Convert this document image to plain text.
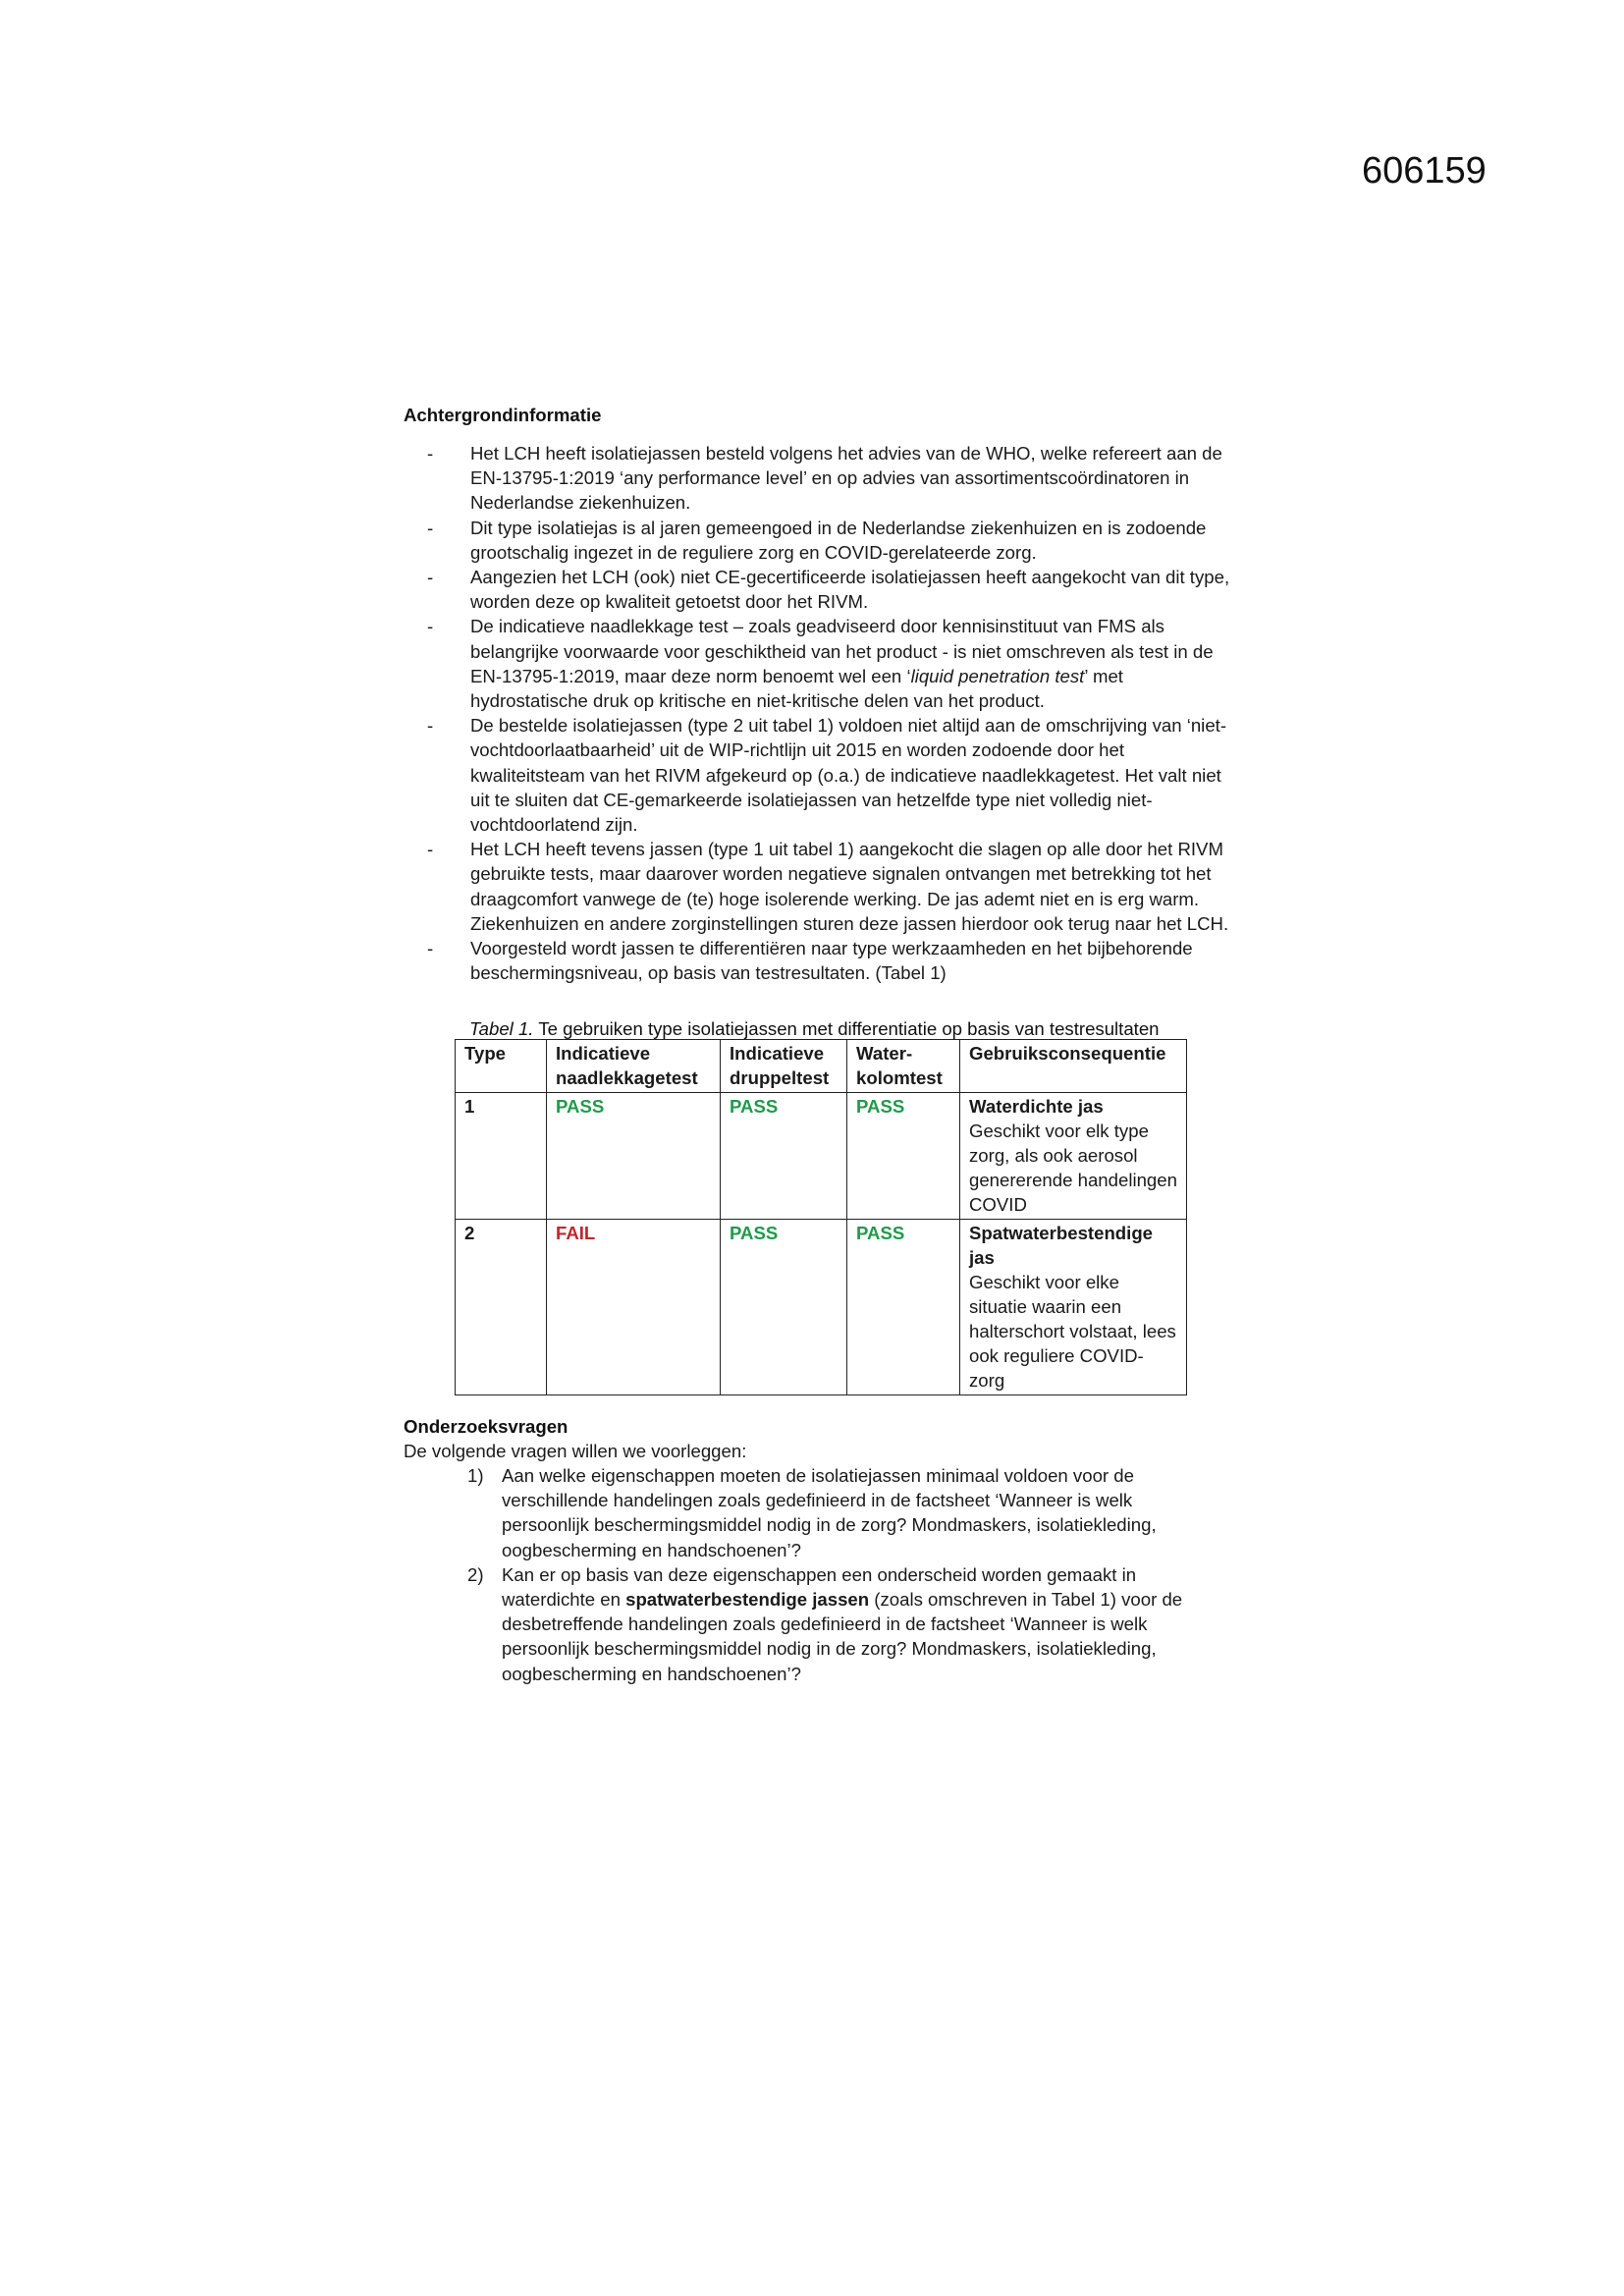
606159
Achtergrondinformatie
- Het LCH heeft isolatiejassen besteld volgens het advies van de WHO, welke refereert aan de EN-13795-1:2019 ‘any performance level’ en op advies van assortimentscoördinatoren in Nederlandse ziekenhuizen.

- Dit type isolatiejas is al jaren gemeengoed in de Nederlandse ziekenhuizen en is zodoende grootschalig ingezet in de reguliere zorg en COVID-gerelateerde zorg.

- Aangezien het LCH (ook) niet CE-gecertificeerde isolatiejassen heeft aangekocht van dit type, worden deze op kwaliteit getoetst door het RIVM.

- De indicatieve naadlekkage test – zoals geadviseerd door kennisinstituut van FMS als belangrijke voorwaarde voor geschiktheid van het product - is niet omschreven als test in de EN-13795-1:2019, maar deze norm benoemt wel een ‘liquid penetration test’ met hydrostatische druk op kritische en niet-kritische delen van het product.

- De bestelde isolatiejassen (type 2 uit tabel 1) voldoen niet altijd aan de omschrijving van ‘niet-vochtdoorlaatbaarheid’ uit de WIP-richtlijn uit 2015 en worden zodoende door het kwaliteitsteam van het RIVM afgekeurd op (o.a.) de indicatieve naadlekkagetest. Het valt niet uit te sluiten dat CE-gemarkeerde isolatiejassen van hetzelfde type niet volledig niet-vochtdoorlatend zijn.

- Het LCH heeft tevens jassen (type 1 uit tabel 1) aangekocht die slagen op alle door het RIVM gebruikte tests, maar daarover worden negatieve signalen ontvangen met betrekking tot het draagcomfort vanwege de (te) hoge isolerende werking. De jas ademt niet en is erg warm. Ziekenhuizen en andere zorginstellingen sturen deze jassen hierdoor ook terug naar het LCH.

- Voorgesteld wordt jassen te differentiëren naar type werkzaamheden en het bijbehorende beschermingsniveau, op basis van testresultaten. (Tabel 1)

Tabel 1. Te gebruiken type isolatiejassen met differentiatie op basis van testresultaten
Type	Indicatieve naadlekkagetest	Indicatieve druppeltest	Water-kolomtest	Gebruiksconsequentie
1	PASS	PASS	PASS	Waterdichte jas
Geschikt voor elk type zorg, als ook aerosol genererende handelingen COVID

2	FAIL	PASS	PASS	Spatwaterbestendige jas
Geschikt voor elke situatie waarin een halterschort volstaat, lees ook reguliere COVID-zorg
Onderzoeksvragen
De volgende vragen willen we voorleggen:
1) Aan welke eigenschappen moeten de isolatiejassen minimaal voldoen voor de verschillende handelingen zoals gedefinieerd in de factsheet ‘Wanneer is welk persoonlijk beschermingsmiddel nodig in de zorg? Mondmaskers, isolatiekleding, oogbescherming en handschoenen’?

2) Kan er op basis van deze eigenschappen een onderscheid worden gemaakt in waterdichte en spatwaterbestendige jassen (zoals omschreven in Tabel 1) voor de desbetreffende handelingen zoals gedefinieerd in de factsheet ‘Wanneer is welk persoonlijk beschermingsmiddel nodig in de zorg? Mondmaskers, isolatiekleding, oogbescherming en handschoenen’?
